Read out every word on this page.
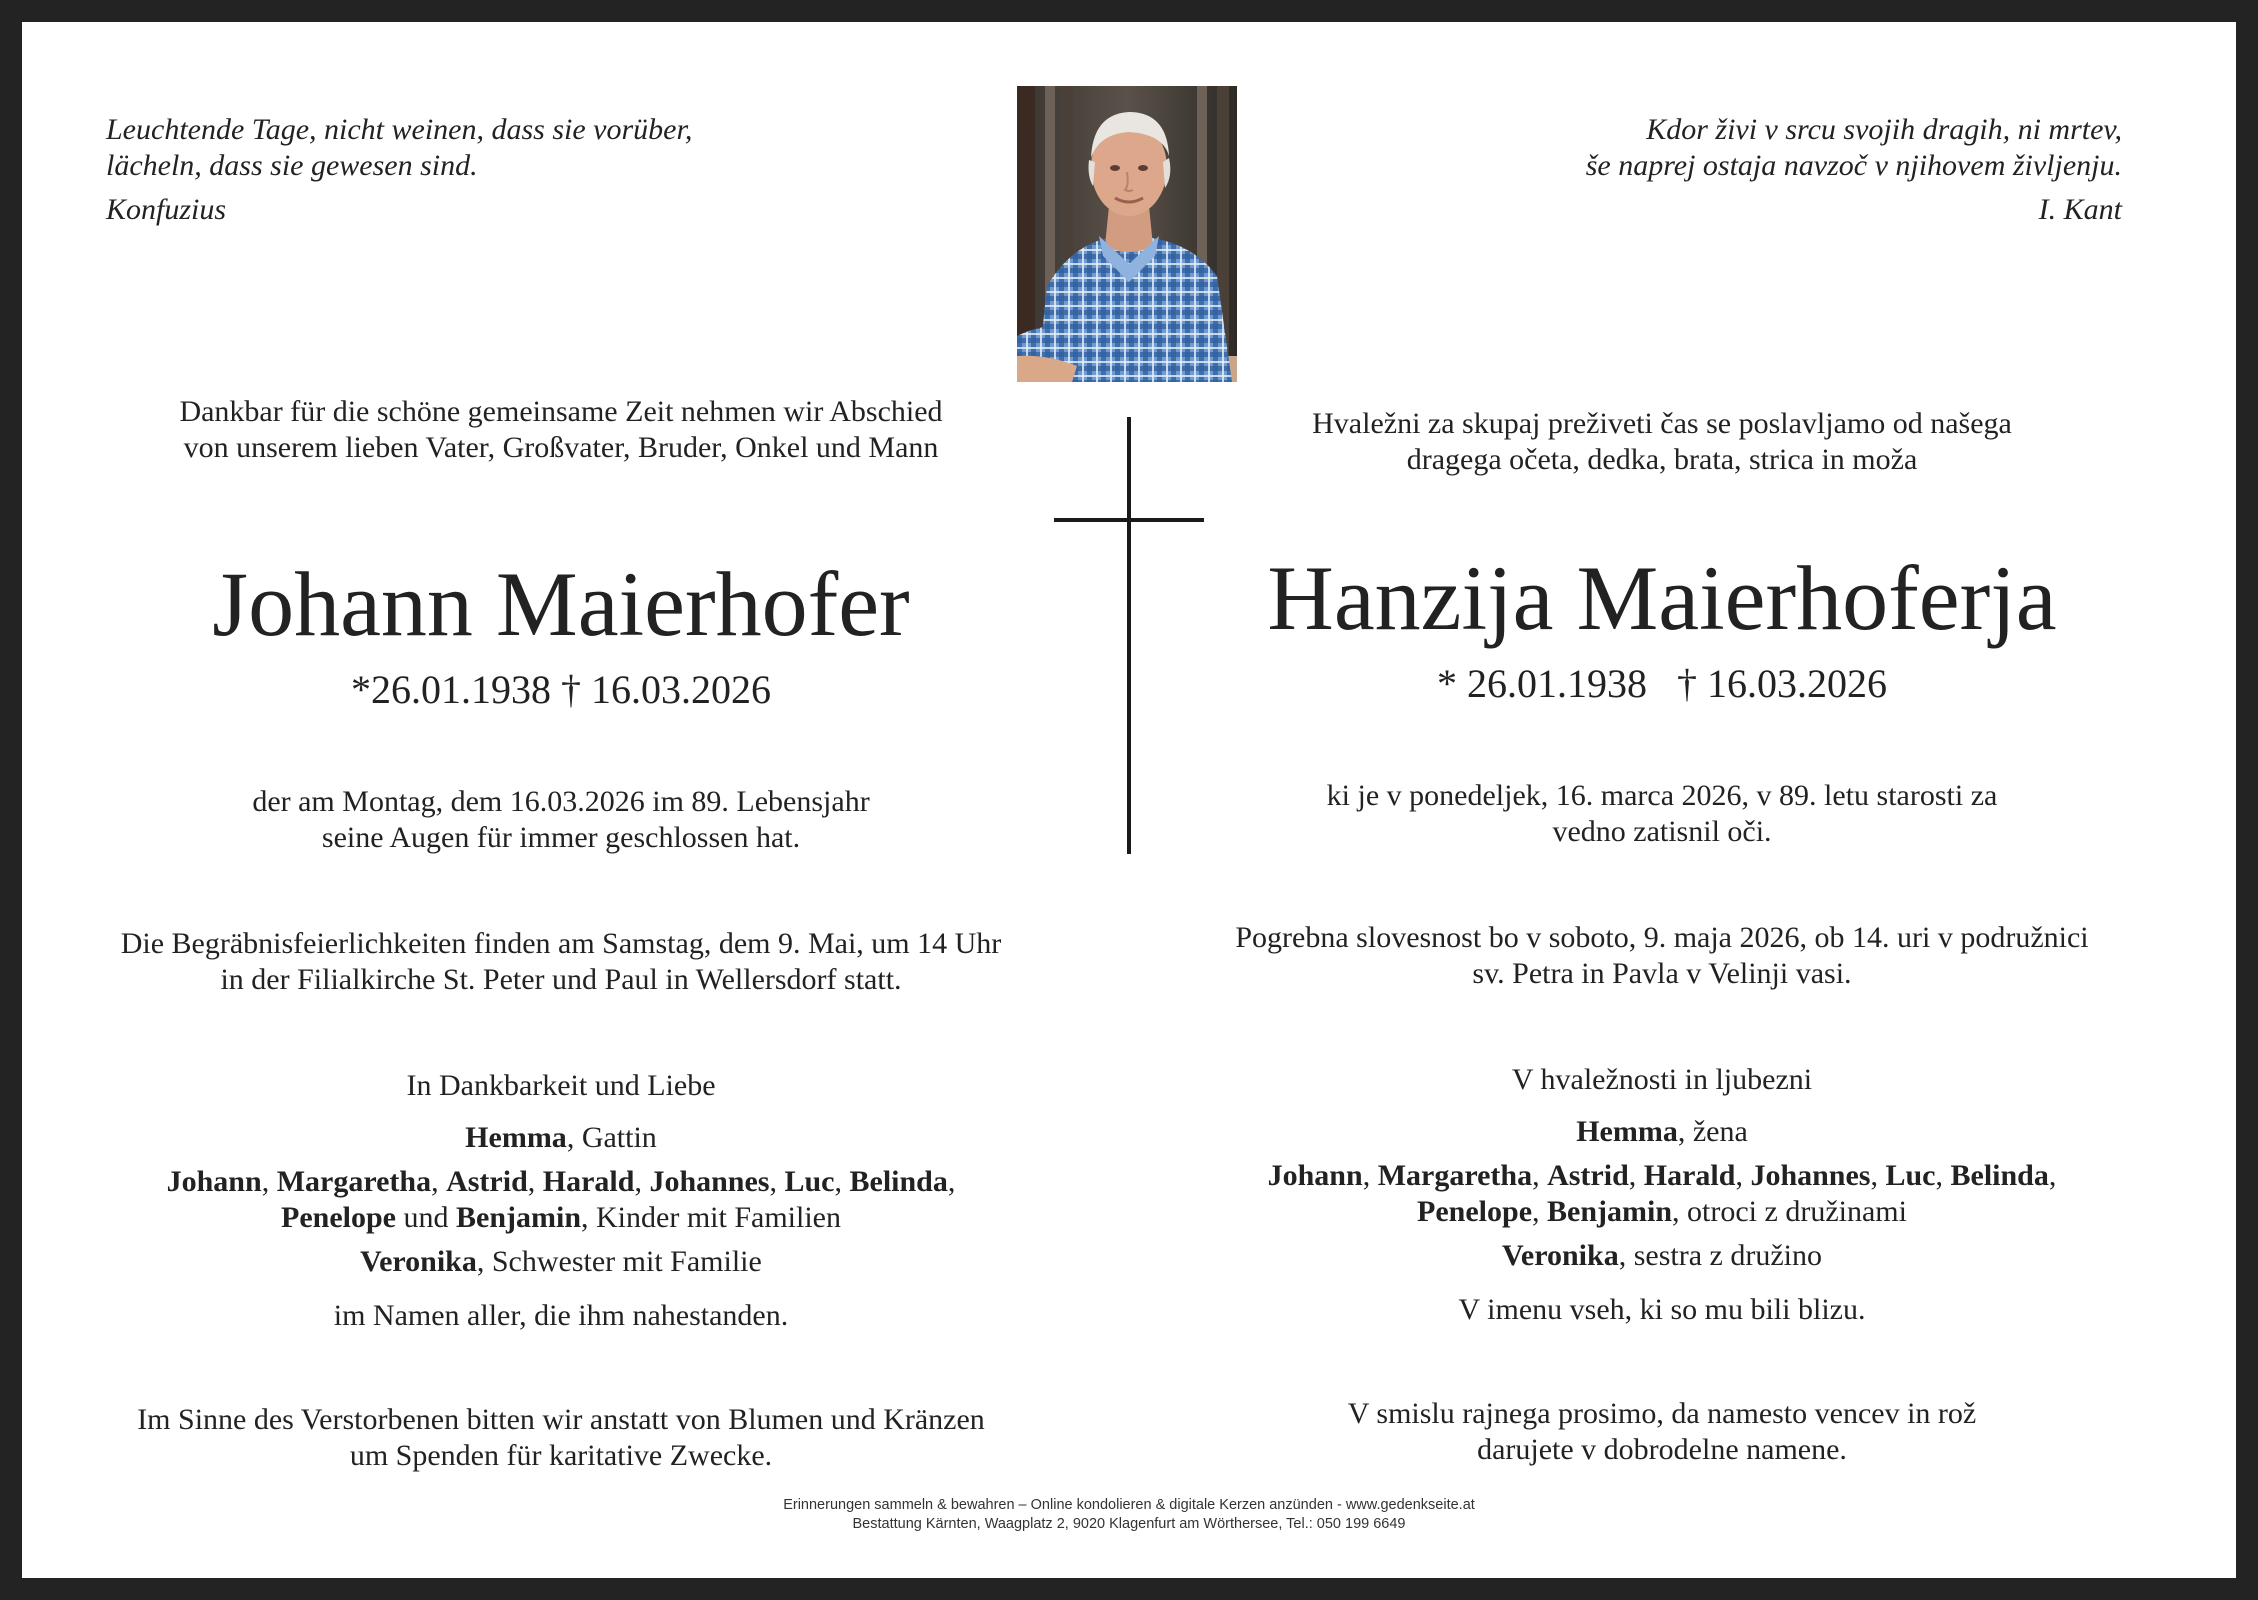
Leuchtende Tage, nicht weinen, dass sie vorüber,
lächeln, dass sie gewesen sind.
Konfuzius
Kdor živi v srcu svojih dragih, ni mrtev,
še naprej ostaja navzoč v njihovem življenju.
I. Kant
Dankbar für die schöne gemeinsame Zeit nehmen wir Abschied
von unserem lieben Vater, Großvater, Bruder, Onkel und Mann
Johann Maierhofer
*26.01.1938 † 16.03.2026
der am Montag, dem 16.03.2026 im 89. Lebensjahr
seine Augen für immer geschlossen hat.
Die Begräbnisfeierlichkeiten finden am Samstag, dem 9. Mai, um 14 Uhr
in der Filialkirche St. Peter und Paul in Wellersdorf statt.
In Dankbarkeit und Liebe
Hemma, Gattin
Johann, Margaretha, Astrid, Harald, Johannes, Luc, Belinda,
Penelope und Benjamin, Kinder mit Familien
Veronika, Schwester mit Familie
im Namen aller, die ihm nahestanden.
Im Sinne des Verstorbenen bitten wir anstatt von Blumen und Kränzen
um Spenden für karitative Zwecke.
Hvaležni za skupaj preživeti čas se poslavljamo od našega
dragega očeta, dedka, brata, strica in moža
Hanzija Maierhoferja
* 26.01.1938   † 16.03.2026
ki je v ponedeljek, 16. marca 2026, v 89. letu starosti za
vedno zatisnil oči.
Pogrebna slovesnost bo v soboto, 9. maja 2026, ob 14. uri v podružnici
sv. Petra in Pavla v Velinji vasi.
V hvaležnosti in ljubezni
Hemma, žena
Johann, Margaretha, Astrid, Harald, Johannes, Luc, Belinda,
Penelope, Benjamin, otroci z družinami
Veronika, sestra z družino
V imenu vseh, ki so mu bili blizu.
V smislu rajnega prosimo, da namesto vencev in rož
darujete v dobrodelne namene.
Erinnerungen sammeln & bewahren – Online kondolieren & digitale Kerzen anzünden - www.gedenkseite.at
Bestattung Kärnten, Waagplatz 2, 9020 Klagenfurt am Wörthersee, Tel.: 050 199 6649
